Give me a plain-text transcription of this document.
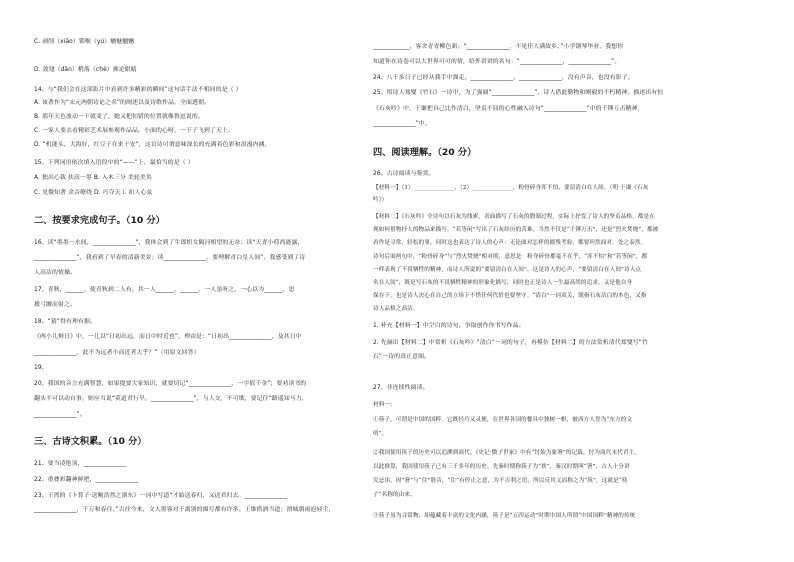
C. 剥削（xiāo）锁喉（yú）魑魅魍魉
D. 敛翅（dān）稍落（chè）拂论眼睛
14、与“我们会在这部影片中看到许多精彩的瞬间”这句话手法不相同的是（ ）
A. 该著作为“宋元两朝诗论之名”的阐述以及诗歌作品，全面透彻。
B. 那年天色波动一下就变了，她又把扣错的位置就像鲁迅说的。
C. 一家人要去看精彩艺术展参观作品品，小面的心呀，一下子飞到了天上。
D. “机能头，大海好，红豆子在来干安”，这首诗可谓意味深长的充满着色彩和浪漫内涵。
15、下列词语依次填入语段中的“——”上，最恰当的是（ ）
A. 独出心裁 扶高一筹 B. 入木三分 美轮美奂
C. 见微知著 余音缭绕 D. 巧夺天工 扣人心弦
二、按要求完成句子。（10 分）
16、读“墨墨一水间，______________”，我体会到了牛郎织女隔河相望的无奈；读“天青小荷尚能露，
______________”，我看到了早春的清新美景；读______________，要理解青白皇人间”，我感受到了诗
人高洁的情操。
17、青秋，______，使青秋到二人有，其一人______，______，一人虽听之，一心以为______，思
援弓缴而射之。
18、“猜”得有理有据。
《两小儿辩日》中，一儿以“日初出远，而日中时近也”，理由是：“日初出______________，及其日中
______________，此不为远者小而近者大乎？”（用原文回答）
19、
20、我国的音言充满智慧，如果提要大家知识，就要切记“______________，一字值千金”；要劝读书的
翻头不可以动自事，则应当说“莫道君行早，______________”，与人交，不可欺，要记住“路遥知马力，
______________”。
三、古诗文积累。（10 分）
21、要当凌绝顶，______________
22、重叠彩翻神鲜把，______________
23、王湾的《卜算子·送鲍浩然之浙东》一词中写道“才始送春归，又送君归去。______________
______________，千万和春住。”古往今来，文人墨客对于离别的描写都有许多。王维借酒当道：渭城朝雨浥轻尘，
____________，客舍青青柳色新；“______________，不见佳人满故乡。”小学钢琴毕业，我想你
知道你在诗卷可以大世界可可的情，给外讲讲的名句：“______________，______________”。
24、八千多日子已经从我手中溜走，______________，______________，没有声音，也没有影子。
25、悟诗人郑燮《竹石》一诗中，为了强调“______________”，诗人借此勤物和刚毅的不朽精神，描述出有恒
《石灰吟》中，于谦把自己比作清白，坚贞不屈的心性融入诗句“______________”中的千锤万击精神，
______________”中。
四、阅读理解。（20 分）
26、古诗阅读与鉴赏。
【材料一】（1）______________，（2）______________，粉骨碎身浑不怕，要留清白在人间。（明·于谦《石灰
吟》）
【材料二】《石灰吟》全诗句以石灰为线索，表面描写了石灰的锻制过程，实际上抒发了诗人的坚贞品格，都是在
现如何借物抒人的物品来描写。“若等闲”写出了石灰经历的苦难，当然不仅是“千锤万击”，还是“烈火焚烧”，都被
看作是寻常，轻松的事，同时这也表达了诗人的心声：无论面对怎样的摧残考验，都要坦然面对，处之泰然。
诗句后面两句中，“粉骨碎身”与“烈火焚烧”相对照，意思是：粉身碎骨都毫不在乎，“浑不怕”和“若等闲”，都
一样表现了不畏牺牲的精神，而诗人所说的“要留清白在人间”，这是诗人的心声，“要留清白在人间”诗人点
名在人间“，既是写石灰的不畏牺牲精神的形象化描写，同时也正是诗人一生最高尚的追求，又是他自身
保存下，也是诗人决心在自己的立场下不惜任何代价也要坚守。“清白”一词双关，既指石灰洁白的本色，又指
诗人品格之高洁。
1. 补充【材料一】中空白的诗句，争取创作你书写作品。
2. 先摘出【材料二】中赏析《石灰吟》“清白”一词的句子，再模仿【材料二】的方法赏析清代郑燮写“竹
石”一诗的真正意图。
27、非连续性阅读。
材料一：
①筷子，可谓是中国的国粹。它既轻巧又灵便，在世界各国的餐具中独树一帜，被西方人誉为“东方的文
明”。
②我国使用筷子的历史可以追溯到商代。《史记·微子世家》中有“纣始为象箸”的记载，纣为商代末代君主，
以此推算，我国使用筷子已有三千多年的历史。先秦时期称筷子为“挟”，秦汉时期叫“箸”，古人十分讲
究忌讳，因“箸”与“住”谐音，“住”有停止之意，为不吉利之语，所以反其义而称之为“筷”，这就是“筷
子”名称的由来。
③筷子虽为寻常物，却蕴藏着丰富的文化内涵，筷子是“五四运动”时期中国人所谓“中国国粹”精神的传统
